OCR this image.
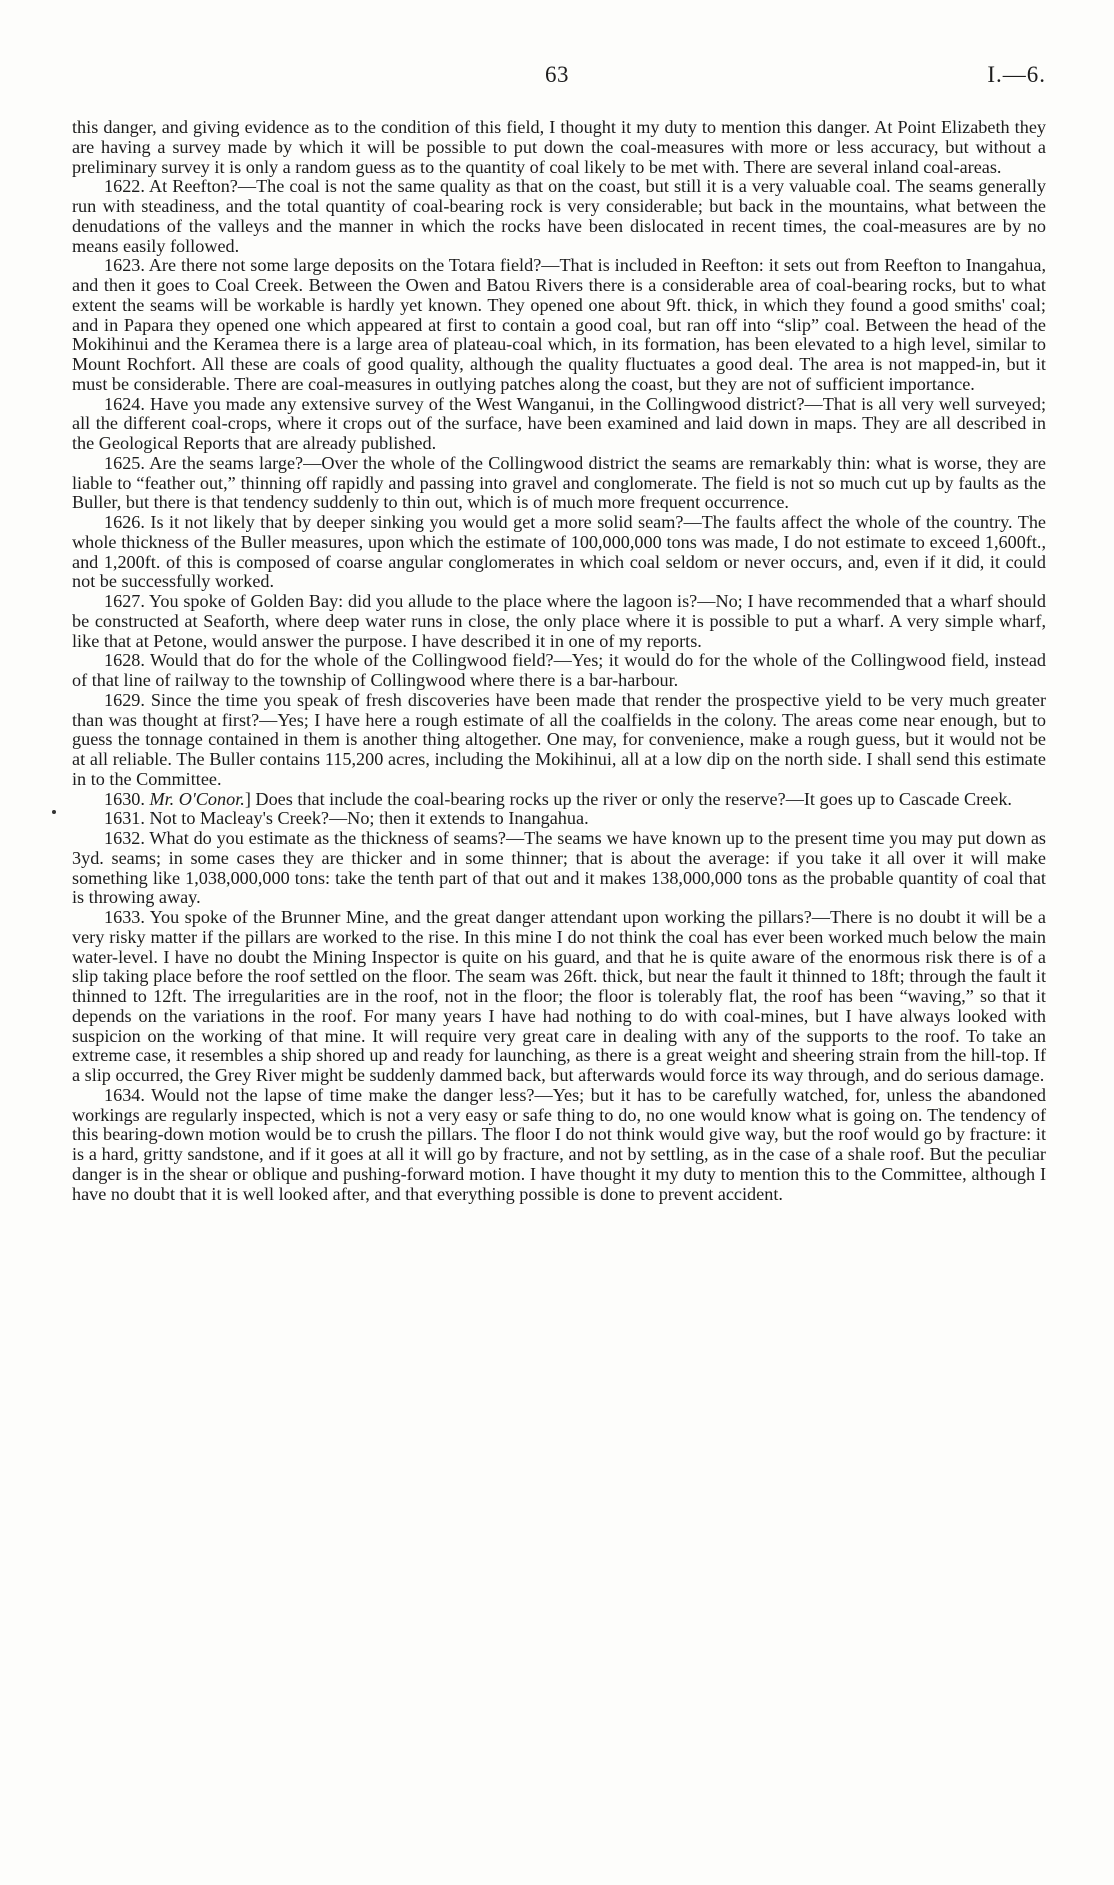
63	I.—6.

this danger, and giving evidence as to the condition of this field, I thought it my duty to mention this danger. At Point Elizabeth they are having a survey made by which it will be possible to put down the coal-measures with more or less accuracy, but without a preliminary survey it is only a random guess as to the quantity of coal likely to be met with. There are several inland coal-areas.

1622. At Reefton?—The coal is not the same quality as that on the coast, but still it is a very valuable coal. The seams generally run with steadiness, and the total quantity of coal-bearing rock is very considerable; but back in the mountains, what between the denudations of the valleys and the manner in which the rocks have been dislocated in recent times, the coal-measures are by no means easily followed.

1623. Are there not some large deposits on the Totara field?—That is included in Reefton: it sets out from Reefton to Inangahua, and then it goes to Coal Creek. Between the Owen and Batou Rivers there is a considerable area of coal-bearing rocks, but to what extent the seams will be workable is hardly yet known. They opened one about 9ft. thick, in which they found a good smiths' coal; and in Papara they opened one which appeared at first to contain a good coal, but ran off into “slip” coal. Between the head of the Mokihinui and the Keramea there is a large area of plateau-coal which, in its formation, has been elevated to a high level, similar to Mount Rochfort. All these are coals of good quality, although the quality fluctuates a good deal. The area is not mapped-in, but it must be considerable. There are coal-measures in outlying patches along the coast, but they are not of sufficient importance.

1624. Have you made any extensive survey of the West Wanganui, in the Collingwood district?—That is all very well surveyed; all the different coal-crops, where it crops out of the surface, have been examined and laid down in maps. They are all described in the Geological Reports that are already published.

1625. Are the seams large?—Over the whole of the Collingwood district the seams are remarkably thin: what is worse, they are liable to “feather out,” thinning off rapidly and passing into gravel and conglomerate. The field is not so much cut up by faults as the Buller, but there is that tendency suddenly to thin out, which is of much more frequent occurrence.

1626. Is it not likely that by deeper sinking you would get a more solid seam?—The faults affect the whole of the country. The whole thickness of the Buller measures, upon which the estimate of 100,000,000 tons was made, I do not estimate to exceed 1,600ft., and 1,200ft. of this is composed of coarse angular conglomerates in which coal seldom or never occurs, and, even if it did, it could not be successfully worked.

1627. You spoke of Golden Bay: did you allude to the place where the lagoon is?—No; I have recommended that a wharf should be constructed at Seaforth, where deep water runs in close, the only place where it is possible to put a wharf. A very simple wharf, like that at Petone, would answer the purpose. I have described it in one of my reports.

1628. Would that do for the whole of the Collingwood field?—Yes; it would do for the whole of the Collingwood field, instead of that line of railway to the township of Collingwood where there is a bar-harbour.

1629. Since the time you speak of fresh discoveries have been made that render the prospective yield to be very much greater than was thought at first?—Yes; I have here a rough estimate of all the coalfields in the colony. The areas come near enough, but to guess the tonnage contained in them is another thing altogether. One may, for convenience, make a rough guess, but it would not be at all reliable. The Buller contains 115,200 acres, including the Mokihinui, all at a low dip on the north side. I shall send this estimate in to the Committee.

1630. Mr. O'Conor.] Does that include the coal-bearing rocks up the river or only the reserve?—It goes up to Cascade Creek.

1631. Not to Macleay's Creek?—No; then it extends to Inangahua.

1632. What do you estimate as the thickness of seams?—The seams we have known up to the present time you may put down as 3yd. seams; in some cases they are thicker and in some thinner; that is about the average: if you take it all over it will make something like 1,038,000,000 tons: take the tenth part of that out and it makes 138,000,000 tons as the probable quantity of coal that is throwing away.

1633. You spoke of the Brunner Mine, and the great danger attendant upon working the pillars?—There is no doubt it will be a very risky matter if the pillars are worked to the rise. In this mine I do not think the coal has ever been worked much below the main water-level. I have no doubt the Mining Inspector is quite on his guard, and that he is quite aware of the enormous risk there is of a slip taking place before the roof settled on the floor. The seam was 26ft. thick, but near the fault it thinned to 18ft; through the fault it thinned to 12ft. The irregularities are in the roof, not in the floor; the floor is tolerably flat, the roof has been “waving,” so that it depends on the variations in the roof. For many years I have had nothing to do with coal-mines, but I have always looked with suspicion on the working of that mine. It will require very great care in dealing with any of the supports to the roof. To take an extreme case, it resembles a ship shored up and ready for launching, as there is a great weight and sheering strain from the hill-top. If a slip occurred, the Grey River might be suddenly dammed back, but afterwards would force its way through, and do serious damage.

1634. Would not the lapse of time make the danger less?—Yes; but it has to be carefully watched, for, unless the abandoned workings are regularly inspected, which is not a very easy or safe thing to do, no one would know what is going on. The tendency of this bearing-down motion would be to crush the pillars. The floor I do not think would give way, but the roof would go by fracture: it is a hard, gritty sandstone, and if it goes at all it will go by fracture, and not by settling, as in the case of a shale roof. But the peculiar danger is in the shear or oblique and pushing-forward motion. I have thought it my duty to mention this to the Committee, although I have no doubt that it is well looked after, and that everything possible is done to prevent accident.
